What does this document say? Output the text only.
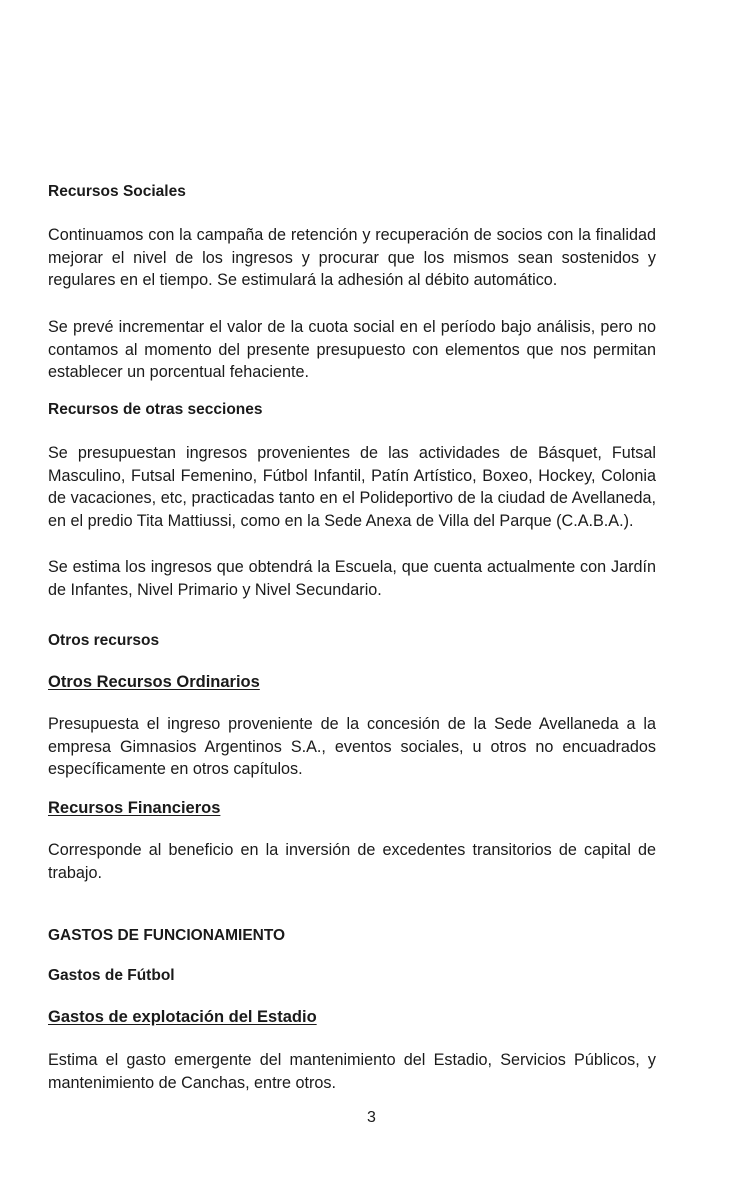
Recursos Sociales

Continuamos con la campaña de retención y recuperación de socios con la finalidad mejorar el nivel de los ingresos y procurar que los mismos sean sostenidos y regulares en el tiempo. Se estimulará la adhesión al débito automático.

Se prevé incrementar el valor de la cuota social en el período bajo análisis, pero no contamos al momento del presente presupuesto con elementos que nos permitan establecer un porcentual fehaciente.

Recursos de otras secciones

Se presupuestan ingresos provenientes de las actividades de Básquet, Futsal Masculino, Futsal Femenino, Fútbol Infantil, Patín Artístico, Boxeo, Hockey, Colonia de vacaciones, etc, practicadas tanto en el Polideportivo de la ciudad de Avellaneda, en el predio Tita Mattiussi, como en la Sede Anexa de Villa del Parque (C.A.B.A.).

Se estima los ingresos que obtendrá la Escuela, que cuenta actualmente con Jardín de Infantes, Nivel Primario y Nivel Secundario.

Otros recursos
Otros Recursos Ordinarios

Presupuesta el ingreso proveniente de la concesión de la Sede Avellaneda a la empresa Gimnasios Argentinos S.A., eventos sociales, u otros no encuadrados específicamente en otros capítulos.

Recursos Financieros

Corresponde al beneficio en la inversión de excedentes transitorios de capital de trabajo.

GASTOS DE FUNCIONAMIENTO
Gastos de Fútbol
Gastos de explotación del Estadio

Estima el gasto emergente del mantenimiento del Estadio, Servicios Públicos, y mantenimiento de Canchas, entre otros.

3
